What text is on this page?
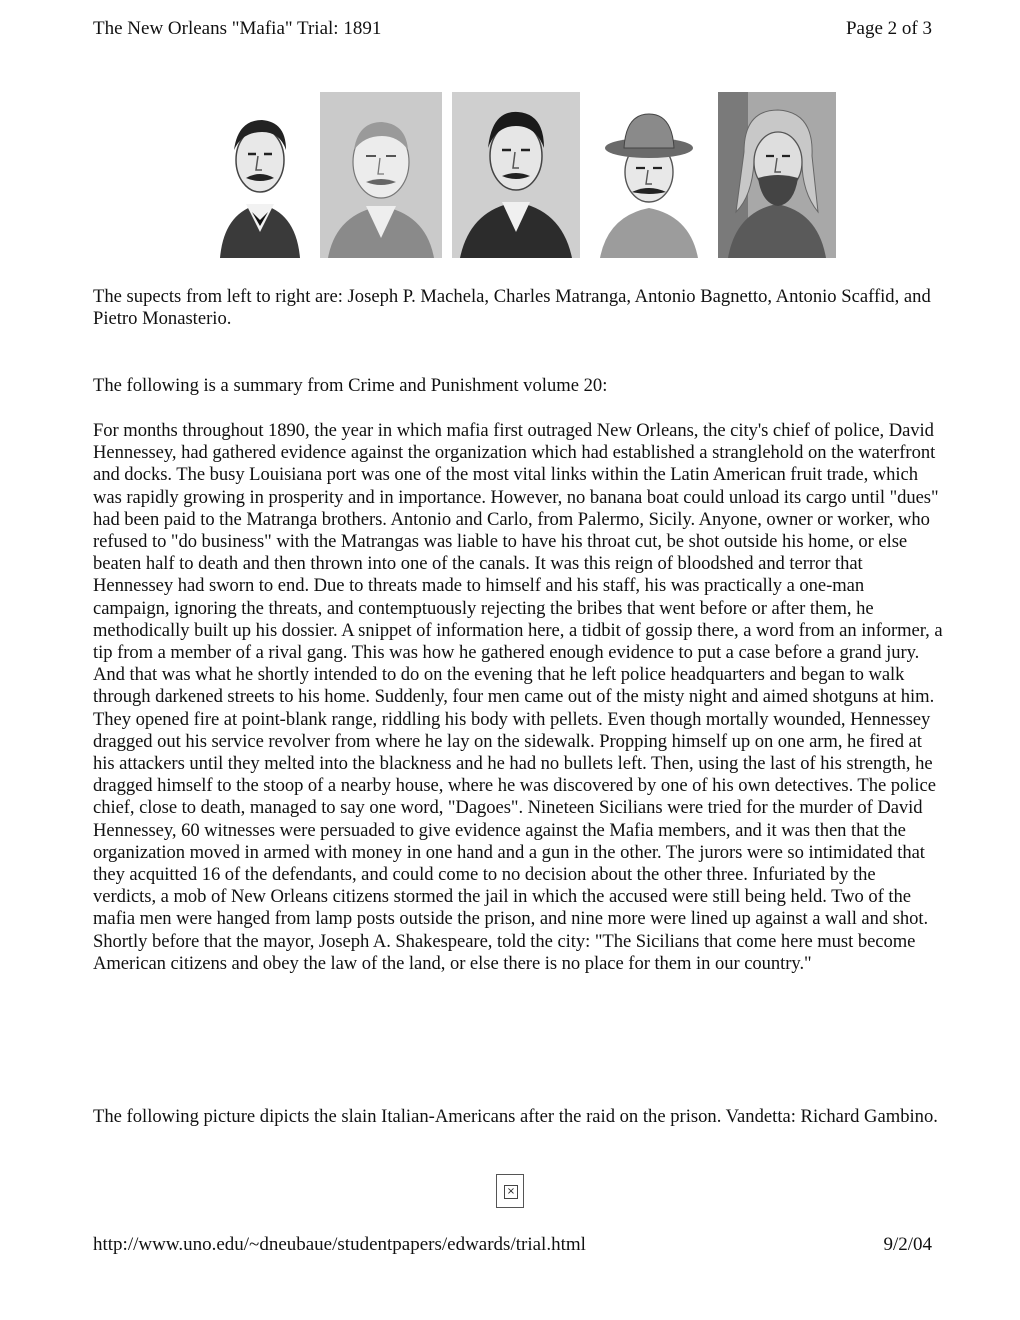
The New Orleans "Mafia" Trial: 1891	Page 2 of 3

The supects from left to right are: Joseph P. Machela, Charles Matranga, Antonio Bagnetto, Antonio Scaffid, and Pietro Monasterio.

The following is a summary from Crime and Punishment volume 20:

For months throughout 1890, the year in which mafia first outraged New Orleans, the city's chief of police, David Hennessey, had gathered evidence against the organization which had established a stranglehold on the waterfront and docks. The busy Louisiana port was one of the most vital links within the Latin American fruit trade, which was rapidly growing in prosperity and in importance. However, no banana boat could unload its cargo until "dues" had been paid to the Matranga brothers. Antonio and Carlo, from Palermo, Sicily. Anyone, owner or worker, who refused to "do business" with the Matrangas was liable to have his throat cut, be shot outside his home, or else beaten half to death and then thrown into one of the canals. It was this reign of bloodshed and terror that Hennessey had sworn to end. Due to threats made to himself and his staff, his was practically a one-man campaign, ignoring the threats, and contemptuously rejecting the bribes that went before or after them, he methodically built up his dossier. A snippet of information here, a tidbit of gossip there, a word from an informer, a tip from a member of a rival gang. This was how he gathered enough evidence to put a case before a grand jury. And that was what he shortly intended to do on the evening that he left police headquarters and began to walk through darkened streets to his home. Suddenly, four men came out of the misty night and aimed shotguns at him. They opened fire at point-blank range, riddling his body with pellets. Even though mortally wounded, Hennessey dragged out his service revolver from where he lay on the sidewalk. Propping himself up on one arm, he fired at his attackers until they melted into the blackness and he had no bullets left. Then, using the last of his strength, he dragged himself to the stoop of a nearby house, where he was discovered by one of his own detectives. The police chief, close to death, managed to say one word, "Dagoes". Nineteen Sicilians were tried for the murder of David Hennessey, 60 witnesses were persuaded to give evidence against the Mafia members, and it was then that the organization moved in armed with money in one hand and a gun in the other. The jurors were so intimidated that they acquitted 16 of the defendants, and could come to no decision about the other three. Infuriated by the verdicts, a mob of New Orleans citizens stormed the jail in which the accused were still being held. Two of the mafia men were hanged from lamp posts outside the prison, and nine more were lined up against a wall and shot. Shortly before that the mayor, Joseph A. Shakespeare, told the city: "The Sicilians that come here must become American citizens and obey the law of the land, or else there is no place for them in our country."

The following picture dipicts the slain Italian-Americans after the raid on the prison. Vandetta: Richard Gambino.

×
http://www.uno.edu/~dneubaue/studentpapers/edwards/trial.html	9/2/04
